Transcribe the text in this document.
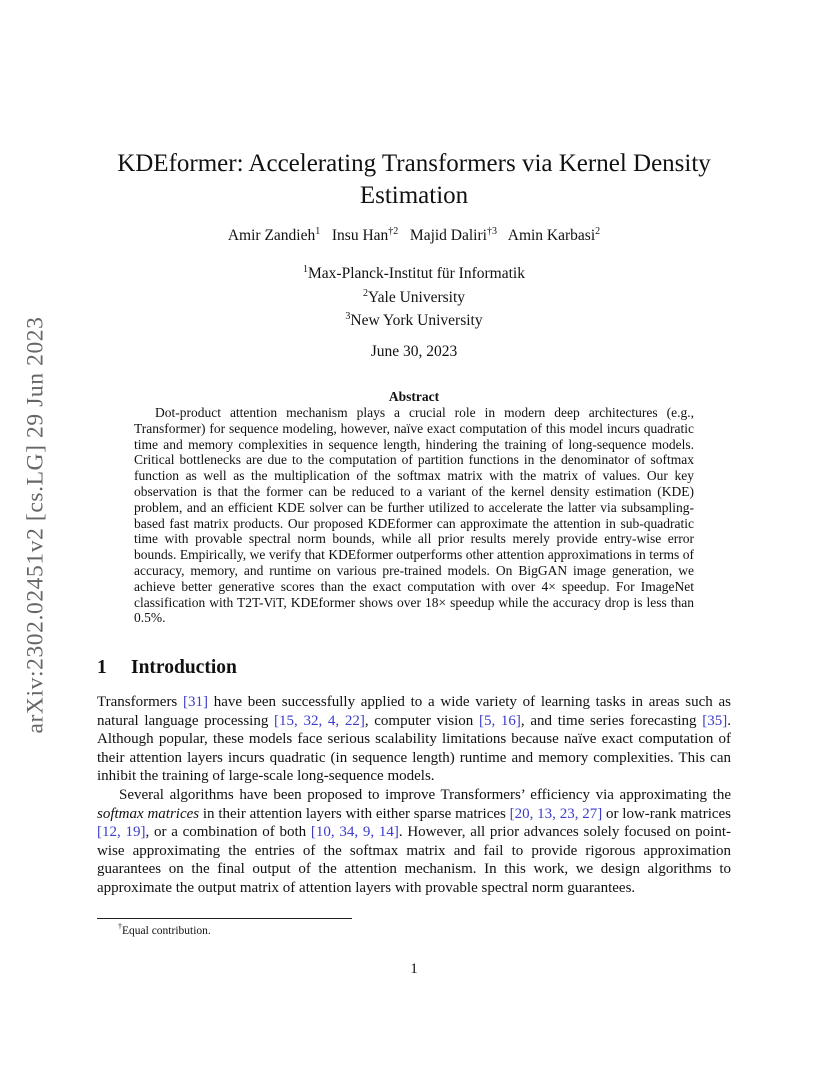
arXiv:2302.02451v2 [cs.LG] 29 Jun 2023
KDEformer: Accelerating Transformers via Kernel Density
Estimation
Amir Zandieh$^1$ Insu Han$^{\dagger 2}$ Majid Daliri$^{\dagger 3}$ Amin Karbasi$^2$
$^1$Max-Planck-Institut für Informatik
$^2$Yale University
$^3$New York University
June 30, 2023
Abstract
Dot-product attention mechanism plays a crucial role in modern deep architectures (e.g., Transformer) for sequence modeling, however, naïve exact computation of this model incurs quadratic time and memory complexities in sequence length, hindering the training of long-sequence models. Critical bottlenecks are due to the computation of partition functions in the denominator of softmax function as well as the multiplication of the softmax matrix with the matrix of values. Our key observation is that the former can be reduced to a variant of the kernel density estimation (KDE) problem, and an efficient KDE solver can be further utilized to accelerate the latter via subsampling-based fast matrix products. Our proposed KDEformer can approximate the attention in sub-quadratic time with provable spectral norm bounds, while all prior results merely provide entry-wise error bounds. Empirically, we verify that KDEformer outperforms other attention approximations in terms of accuracy, memory, and runtime on various pre-trained models. On BigGAN image generation, we achieve better generative scores than the exact computation with over 4× speedup. For ImageNet classification with T2T-ViT, KDEformer shows over 18× speedup while the accuracy drop is less than 0.5%.
1 Introduction

Transformers [31] have been successfully applied to a wide variety of learning tasks in areas such as natural language processing [15, 32, 4, 22], computer vision [5, 16], and time series forecasting [35]. Although popular, these models face serious scalability limitations because naïve exact computation of their attention layers incurs quadratic (in sequence length) runtime and memory complexities. This can inhibit the training of large-scale long-sequence models.

Several algorithms have been proposed to improve Transformers’ efficiency via approximating the softmax matrices in their attention layers with either sparse matrices [20, 13, 23, 27] or low-rank matrices [12, 19], or a combination of both [10, 34, 9, 14]. However, all prior advances solely focused on point-wise approximating the entries of the softmax matrix and fail to provide rigorous approximation guarantees on the final output of the attention mechanism. In this work, we design algorithms to approximate the output matrix of attention layers with provable spectral norm guarantees.

†Equal contribution.
1
